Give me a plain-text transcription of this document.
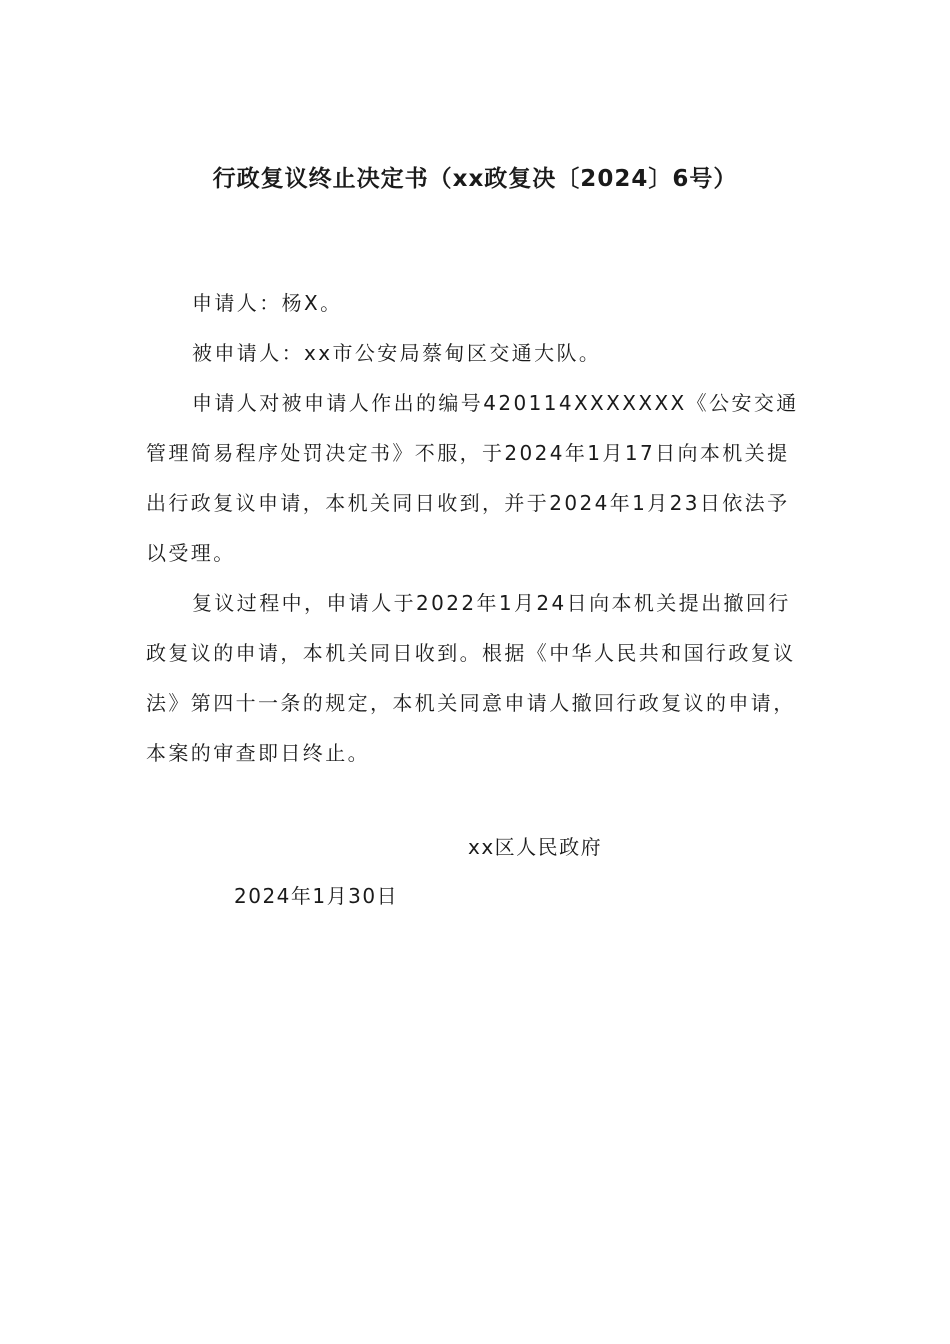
行政复议终止决定书（xx政复决〔2024〕6号）

申请人：杨X。

被申请人：xx市公安局蔡甸区交通大队。

申请人对被申请人作出的编号420114XXXXXXX《公安交通管理简易程序处罚决定书》不服，于2024年1月17日向本机关提出行政复议申请，本机关同日收到，并于2024年1月23日依法予以受理。

复议过程中，申请人于2022年1月24日向本机关提出撤回行政复议的申请，本机关同日收到。根据《中华人民共和国行政复议法》第四十一条的规定，本机关同意申请人撤回行政复议的申请，本案的审查即日终止。

xx区人民政府
2024年1月30日
